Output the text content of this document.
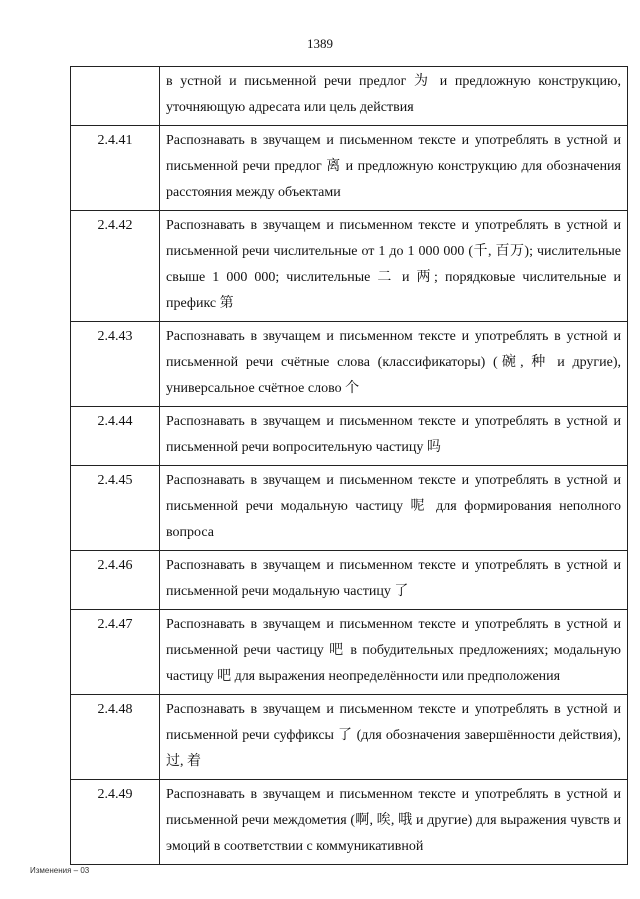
1389
	в устной и письменной речи предлог 为 и предложную конструкцию, уточняющую адресата или цель действия
2.4.41	Распознавать в звучащем и письменном тексте и употреблять в устной и письменной речи предлог 离 и предложную конструкцию для обозначения расстояния между объектами
2.4.42	Распознавать в звучащем и письменном тексте и употреблять в устной и письменной речи числительные от 1 до 1 000 000 (千, 百万); числительные свыше 1 000 000; числительные 二 и 两; порядковые числительные и префикс 第
2.4.43	Распознавать в звучащем и письменном тексте и употреблять в устной и письменной речи счётные слова (классификаторы) (碗, 种 и другие), универсальное счётное слово 个
2.4.44	Распознавать в звучащем и письменном тексте и употреблять в устной и письменной речи вопросительную частицу 吗
2.4.45	Распознавать в звучащем и письменном тексте и употреблять в устной и письменной речи модальную частицу 呢 для формирования неполного вопроса
2.4.46	Распознавать в звучащем и письменном тексте и употреблять в устной и письменной речи модальную частицу 了
2.4.47	Распознавать в звучащем и письменном тексте и употреблять в устной и письменной речи частицу 吧 в побудительных предложениях; модальную частицу 吧 для выражения неопределённости или предположения
2.4.48	Распознавать в звучащем и письменном тексте и употреблять в устной и письменной речи суффиксы 了 (для обозначения завершённости действия), 过, 着
2.4.49	Распознавать в звучащем и письменном тексте и употреблять в устной и письменной речи междометия (啊, 唉, 哦 и другие) для выражения чувств и эмоций в соответствии с коммуникативной
Изменения – 03
